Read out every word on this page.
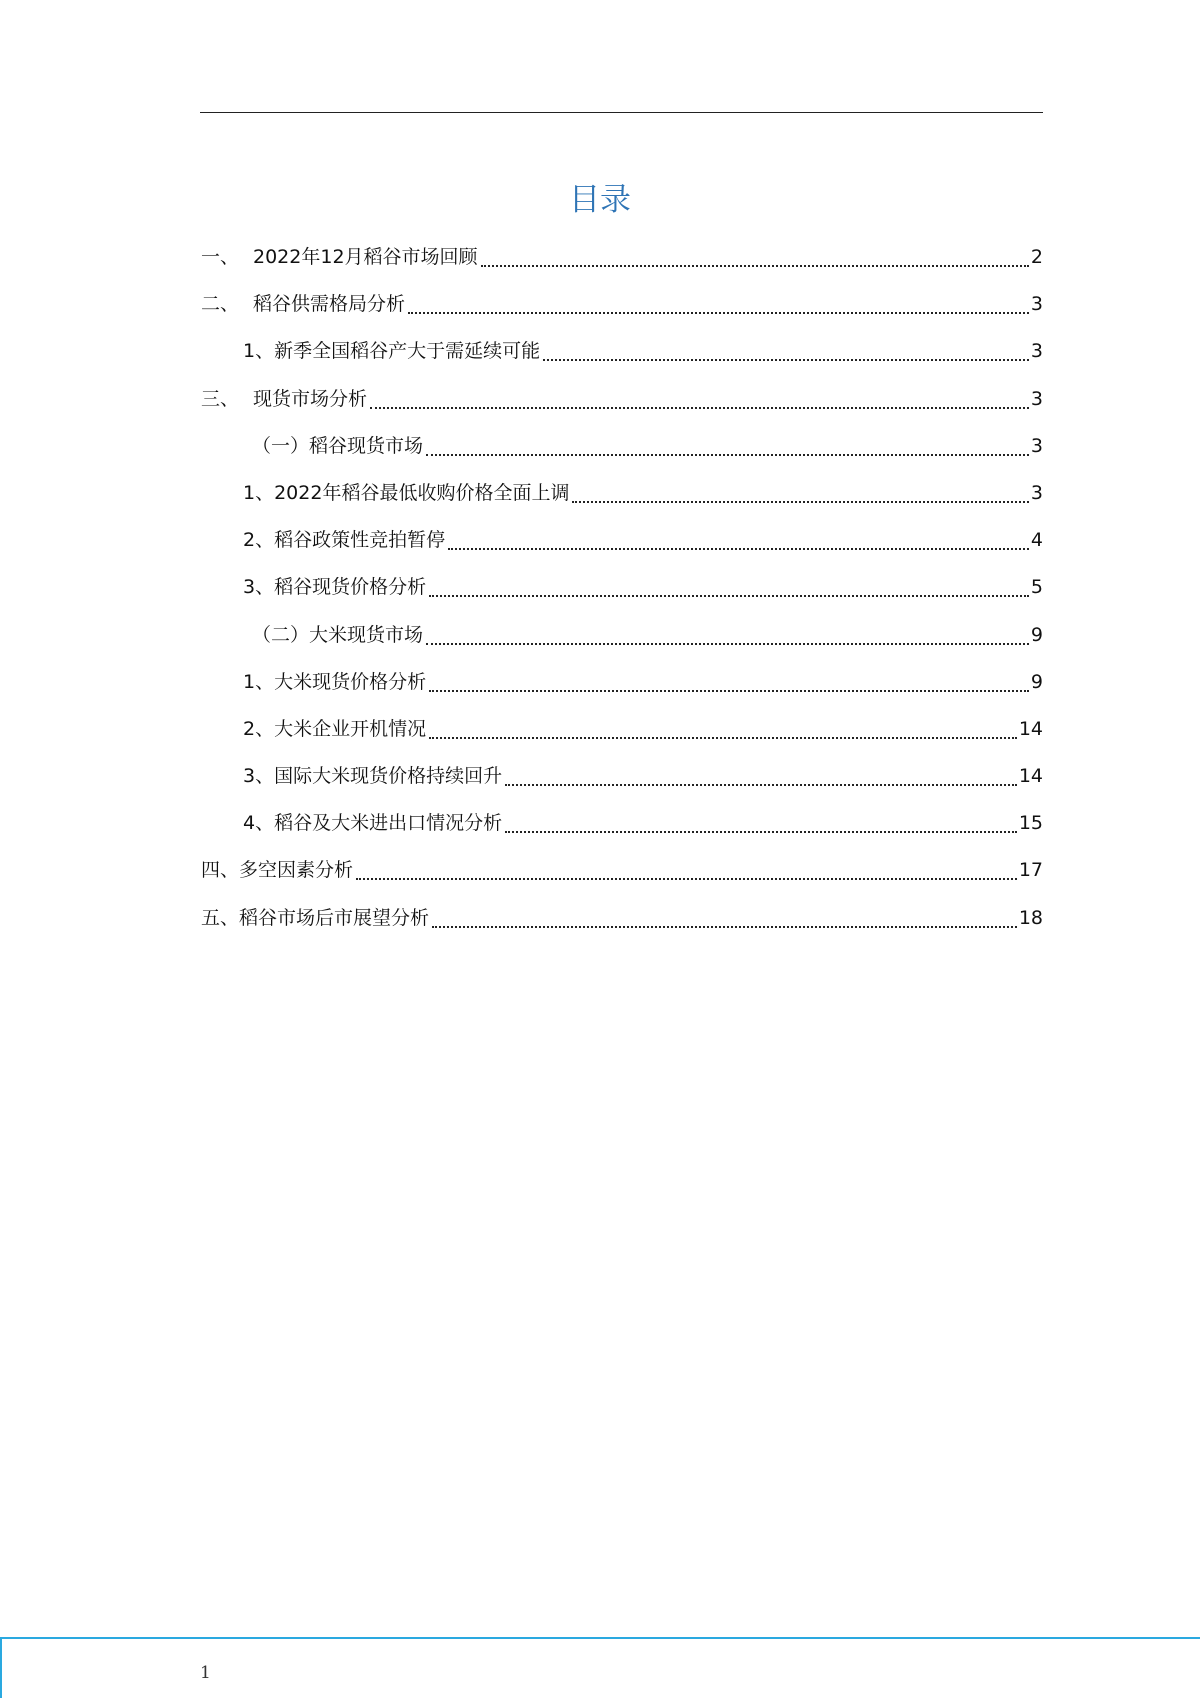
目录
一、 2022年12月稻谷市场回顾	2
二、 稻谷供需格局分析	3
1、 新季全国稻谷产大于需延续可能	3
三、 现货市场分析	3
（一） 稻谷现货市场	3
1、 2022年稻谷最低收购价格全面上调	3
2、 稻谷政策性竞拍暂停	4
3、 稻谷现货价格分析	5
（二） 大米现货市场	9
1、 大米现货价格分析	9
2、 大米企业开机情况	14
3、 国际大米现货价格持续回升	14
4、 稻谷及大米进出口情况分析	15
四、 多空因素分析	17
五、 稻谷市场后市展望分析	18
1
